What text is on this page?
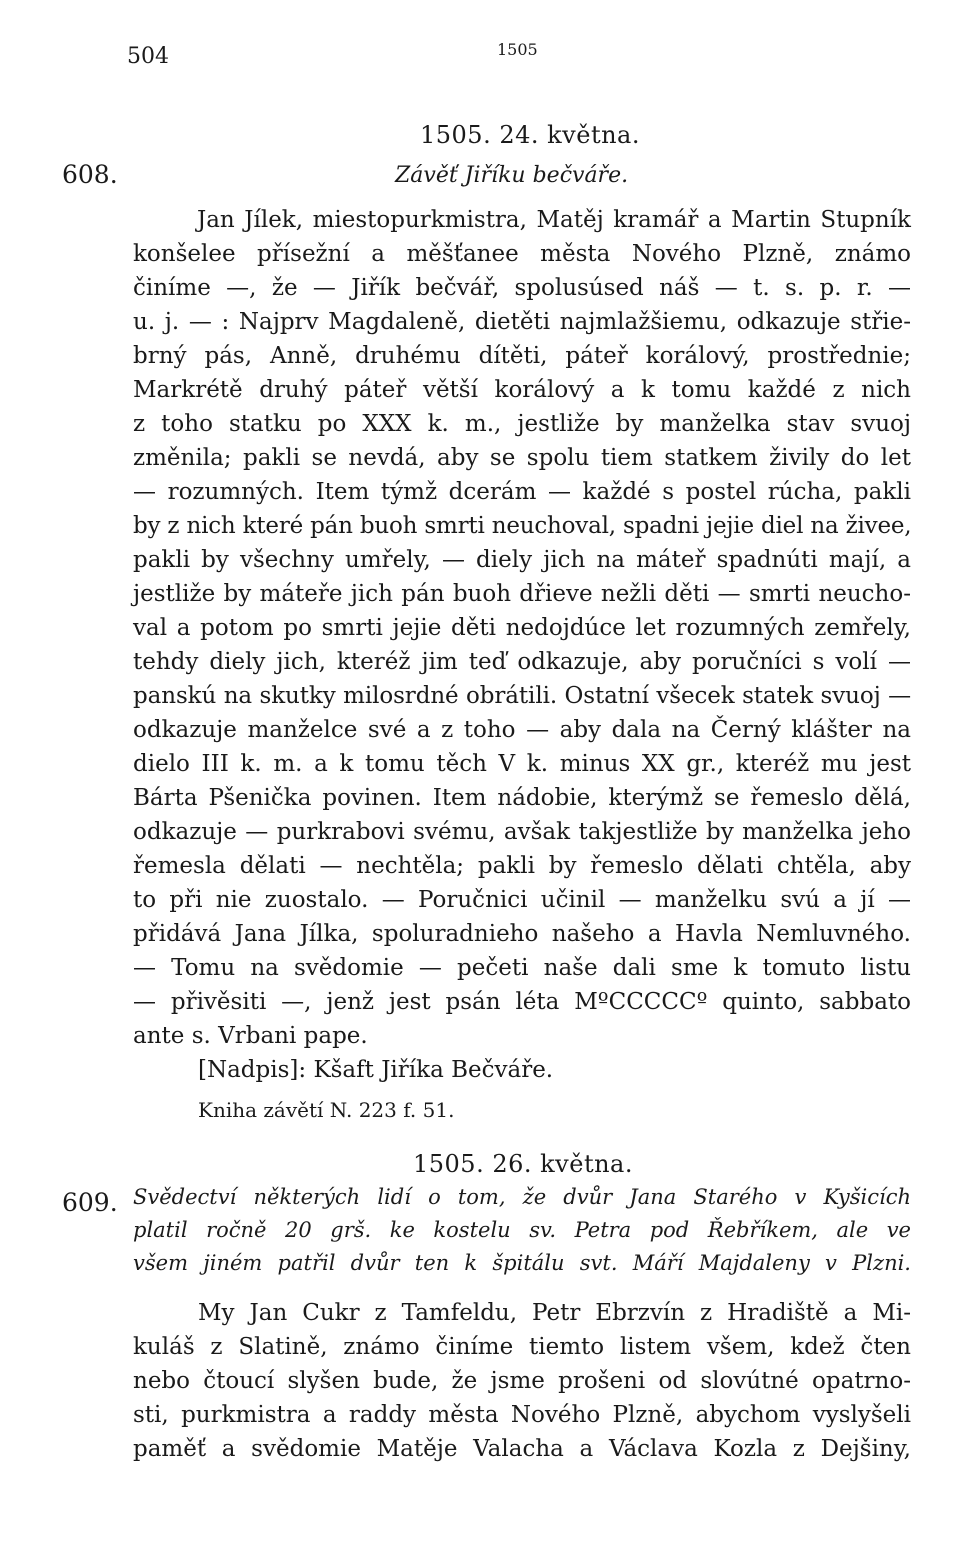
504	1505
608.
1505. 24. května.
Závěť Jiříku bečváře.
Jan Jílek, miestopurkmistra, Matěj kramář a Martin Stupník
konšelee přísežní a měšťanee města Nového Plzně, známo
činíme —, že — Jiřík bečvář, spolusúsed náš — t. s. p. r. —
u. j. — : Najprv Magdaleně, dietěti najmlažšiemu, odkazuje střie-
brný pás, Anně, druhému dítěti, páteř korálový, prostřednie;
Markrétě druhý páteř větší korálový a k tomu každé z nich
z toho statku po XXX k. m., jestliže by manželka stav svuoj
změnila; pakli se nevdá, aby se spolu tiem statkem živily do let
— rozumných. Item týmž dcerám — každé s postel rúcha, pakli
by z nich které pán buoh smrti neuchoval, spadni jejie diel na živee,
pakli by všechny umřely, — diely jich na máteř spadnúti mají, a
jestliže by máteře jich pán buoh dřieve nežli děti — smrti neucho-
val a potom po smrti jejie děti nedojdúce let rozumných zemřely,
tehdy diely jich, kteréž jim teď odkazuje, aby poručníci s volí —
panskú na skutky milosrdné obrátili. Ostatní všecek statek svuoj —
odkazuje manželce své a z toho — aby dala na Černý klášter na
dielo III k. m. a k tomu těch V k. minus XX gr., kteréž mu jest
Bárta Pšenička povinen. Item nádobie, kterýmž se řemeslo dělá,
odkazuje — purkrabovi svému, avšak takjestliže by manželka jeho
řemesla dělati — nechtěla; pakli by řemeslo dělati chtěla, aby
to při nie zuostalo. — Poručnici učinil — manželku svú a jí —
přidává Jana Jílka, spoluradnieho našeho a Havla Nemluvného.
— Tomu na svědomie — pečeti naše dali sme k tomuto listu
— přivěsiti —, jenž jest psán léta MºCCCCCº quinto, sabbato
ante s. Vrbani pape.
[Nadpis]: Kšaft Jiříka Bečváře.
Kniha závětí N. 223 f. 51.
1505. 26. května.
609. Svědectví některých lidí o tom, že dvůr Jana Starého v Kyšicích
platil ročně 20 grš. ke kostelu sv. Petra pod Řebříkem, ale ve
všem jiném patřil dvůr ten k špitálu svt. Máří Majdaleny v Plzni.
My Jan Cukr z Tamfeldu, Petr Ebrzvín z Hradiště a Mi-
kuláš z Slatině, známo činíme tiemto listem všem, kdež čten
nebo čtoucí slyšen bude, že jsme prošeni od slovútné opatrno-
sti, purkmistra a raddy města Nového Plzně, abychom vyslyšeli
paměť a svědomie Matěje Valacha a Václava Kozla z Dejšiny,
